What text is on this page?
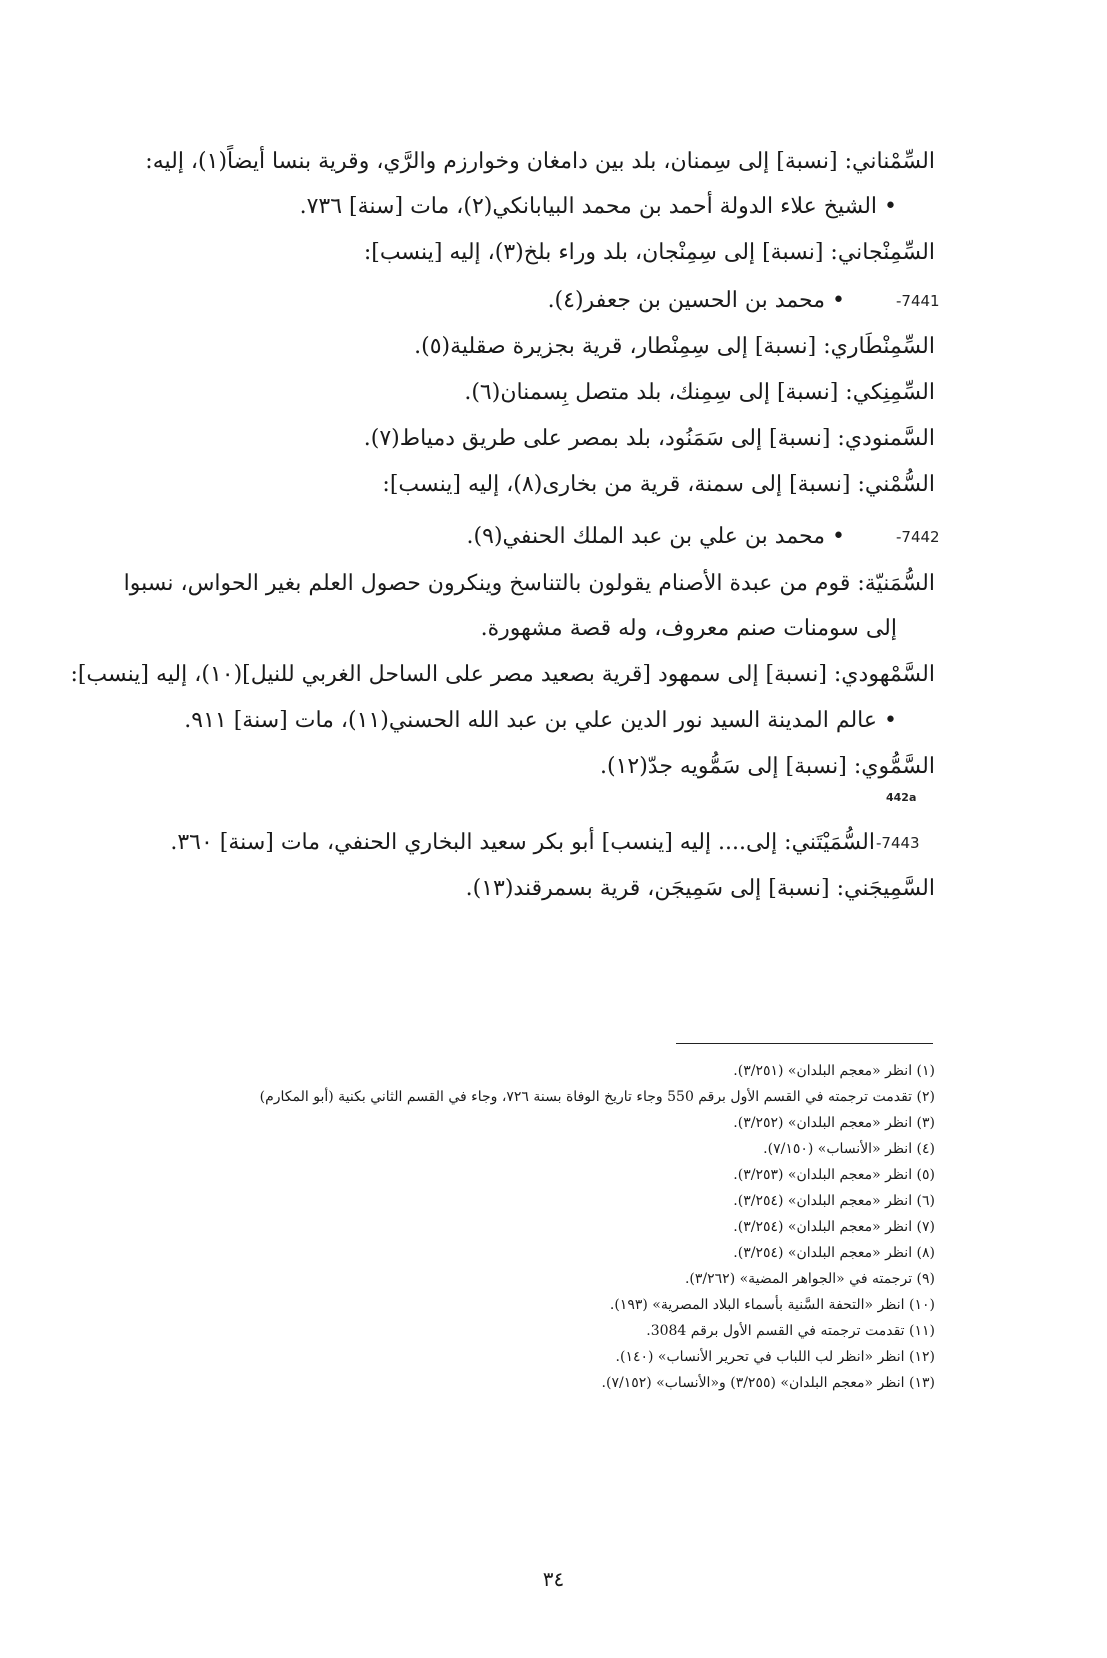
السِّمْناني: [نسبة] إلى سِمنان، بلد بين دامغان وخوارزم والرَّي، وقرية بنسا أيضاً(١)، إليه:
• الشيخ علاء الدولة أحمد بن محمد البيابانكي(٢)، مات [سنة] ٧٣٦.
السِّمِنْجاني: [نسبة] إلى سِمِنْجان، بلد وراء بلخ(٣)، إليه [ينسب]:
-7441
• محمد بن الحسين بن جعفر(٤).
السِّمِنْطَاري: [نسبة] إلى سِمِنْطار، قرية بجزيرة صقلية(٥).
السِّمِنِكي: [نسبة] إلى سِمِنك، بلد متصل بِسمنان(٦).
السَّمنودي: [نسبة] إلى سَمَنُود، بلد بمصر على طريق دمياط(٧).
السُّمْني: [نسبة] إلى سمنة، قرية من بخارى(٨)، إليه [ينسب]:
-7442
• محمد بن علي بن عبد الملك الحنفي(٩).
السُّمَنيّة: قوم من عبدة الأصنام يقولون بالتناسخ وينكرون حصول العلم بغير الحواس، نسبوا
إلى سومنات صنم معروف، وله قصة مشهورة.
السَّمْهودي: [نسبة] إلى سمهود [قرية بصعيد مصر على الساحل الغربي للنيل](١٠)، إليه [ينسب]:
• عالم المدينة السيد نور الدين علي بن عبد الله الحسني(١١)، مات [سنة] ٩١١.
السَّمُّوي: [نسبة] إلى سَمُّويه جدّ(١٢).
442a
-7443
السُّمَيْتَني: إلى.... إليه [ينسب] أبو بكر سعيد البخاري الحنفي، مات [سنة] ٣٦٠.
السَّمِيجَني: [نسبة] إلى سَمِيجَن، قرية بسمرقند(١٣).
(١) انظر «معجم البلدان» (٣/٢٥١).
(٢) تقدمت ترجمته في القسم الأول برقم 550 وجاء تاريخ الوفاة بسنة ٧٢٦، وجاء في القسم الثاني بكنية (أبو المكارم)
(٣) انظر «معجم البلدان» (٣/٢٥٢).
(٤) انظر «الأنساب» (٧/١٥٠).
(٥) انظر «معجم البلدان» (٣/٢٥٣).
(٦) انظر «معجم البلدان» (٣/٢٥٤).
(٧) انظر «معجم البلدان» (٣/٢٥٤).
(٨) انظر «معجم البلدان» (٣/٢٥٤).
(٩) ترجمته في «الجواهر المضية» (٣/٢٦٢).
(١٠) انظر «التحفة السَّنية بأسماء البلاد المصرية» (١٩٣).
(١١) تقدمت ترجمته في القسم الأول برقم 3084.
(١٢) انظر «انظر لب اللباب في تحرير الأنساب» (١٤٠).
(١٣) انظر «معجم البلدان» (٣/٢٥٥) و«الأنساب» (٧/١٥٢).
٣٤
